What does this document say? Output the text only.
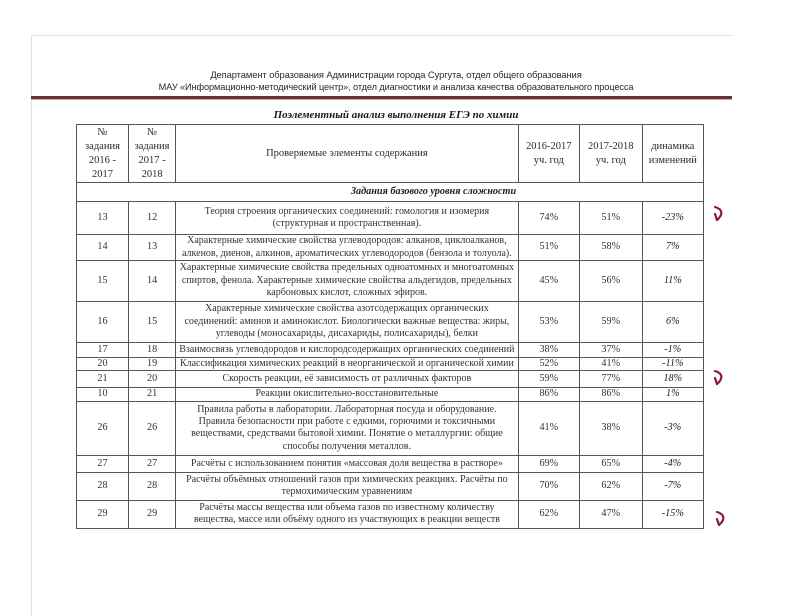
Департамент образования Администрации города Сургута, отдел общего образования
МАУ «Информационно-методический центр», отдел диагностики и анализа качества образовательного процесса
Поэлементный анализ выполнения ЕГЭ по химии
№ задания 2016 - 2017	№ задания 2017 - 2018	Проверяемые элементы содержания	2016-2017 уч. год	2017-2018 уч. год	динамика изменений
Задания базового уровня сложности					
13	12	Теория строения органических соединений: гомология и изомерия (структурная и пространственная).	74%	51%	-23%
14	13	Характерные химические свойства углеводородов: алканов, циклоалканов, алкенов, диенов, алкинов, ароматических углеводородов (бензола и толуола).	51%	58%	7%
15	14	Характерные химические свойства предельных одноатомных и многоатомных спиртов, фенола. Характерные химические свойства альдегидов, предельных карбоновых кислот, сложных эфиров.	45%	56%	11%
16	15	Характерные химические свойства азотсодержащих органических соединений: аминов и аминокислот. Биологически важные вещества: жиры, углеводы (моносахариды, дисахариды, полисахариды), белки	53%	59%	6%
17	18	Взаимосвязь углеводородов и кислородсодержащих органических соединений	38%	37%	-1%
20	19	Классификация химических реакций в неорганической и органической химии	52%	41%	-11%
21	20	Скорость реакции, её зависимость от различных факторов	59%	77%	18%
10	21	Реакции окислительно-восстановительные	86%	86%	1%
26	26	Правила работы в лаборатории. Лабораторная посуда и оборудование. Правила безопасности при работе с едкими, горючими и токсичными веществами, средствами бытовой химии. Понятие о металлургии: общие способы получения металлов.	41%	38%	-3%
27	27	Расчёты с использованием понятия «массовая доля вещества в растворе»	69%	65%	-4%
28	28	Расчёты объёмных отношений газов при химических реакциях. Расчёты по термохимическим уравнениям	70%	62%	-7%
29	29	Расчёты массы вещества или объема газов по известному количеству вещества, массе или объёму одного из участвующих в реакции веществ	62%	47%	-15%
